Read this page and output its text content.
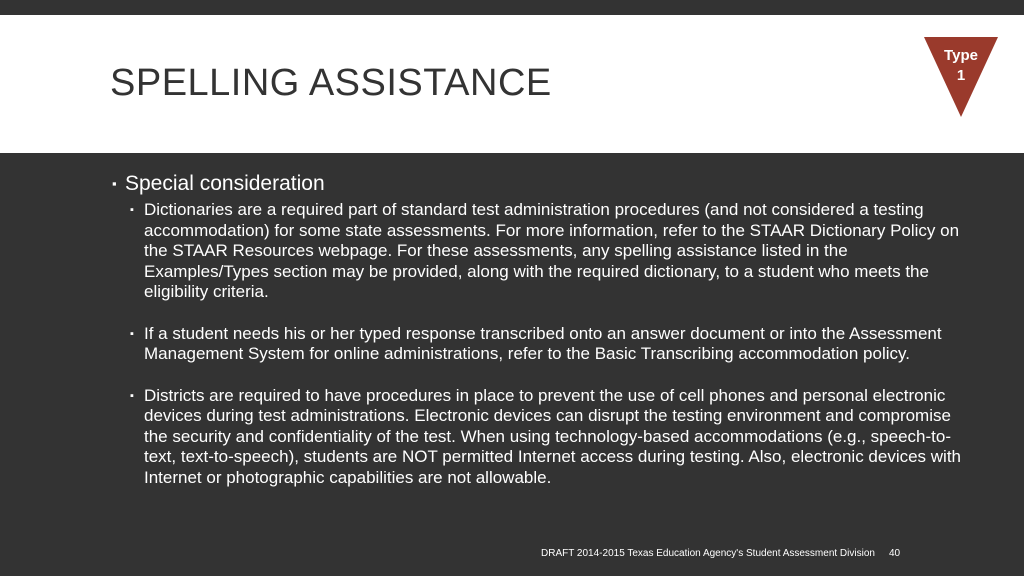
SPELLING ASSISTANCE
Type
1
▪ Special consideration
▪ Dictionaries are a required part of standard test administration procedures (and not considered a testing accommodation) for some state assessments. For more information, refer to the STAAR Dictionary Policy on the STAAR Resources webpage. For these assessments, any spelling assistance listed in the Examples/Types section may be provided, along with the required dictionary, to a student who meets the eligibility criteria.
▪ If a student needs his or her typed response transcribed onto an answer document or into the Assessment Management System for online administrations, refer to the Basic Transcribing accommodation policy.
▪ Districts are required to have procedures in place to prevent the use of cell phones and personal electronic devices during test administrations. Electronic devices can disrupt the testing environment and compromise the security and confidentiality of the test. When using technology-based accommodations (e.g., speech-to-text, text-to-speech), students are NOT permitted Internet access during testing. Also, electronic devices with Internet or photographic capabilities are not allowable.
DRAFT 2014-2015 Texas Education Agency's Student Assessment Division 40
